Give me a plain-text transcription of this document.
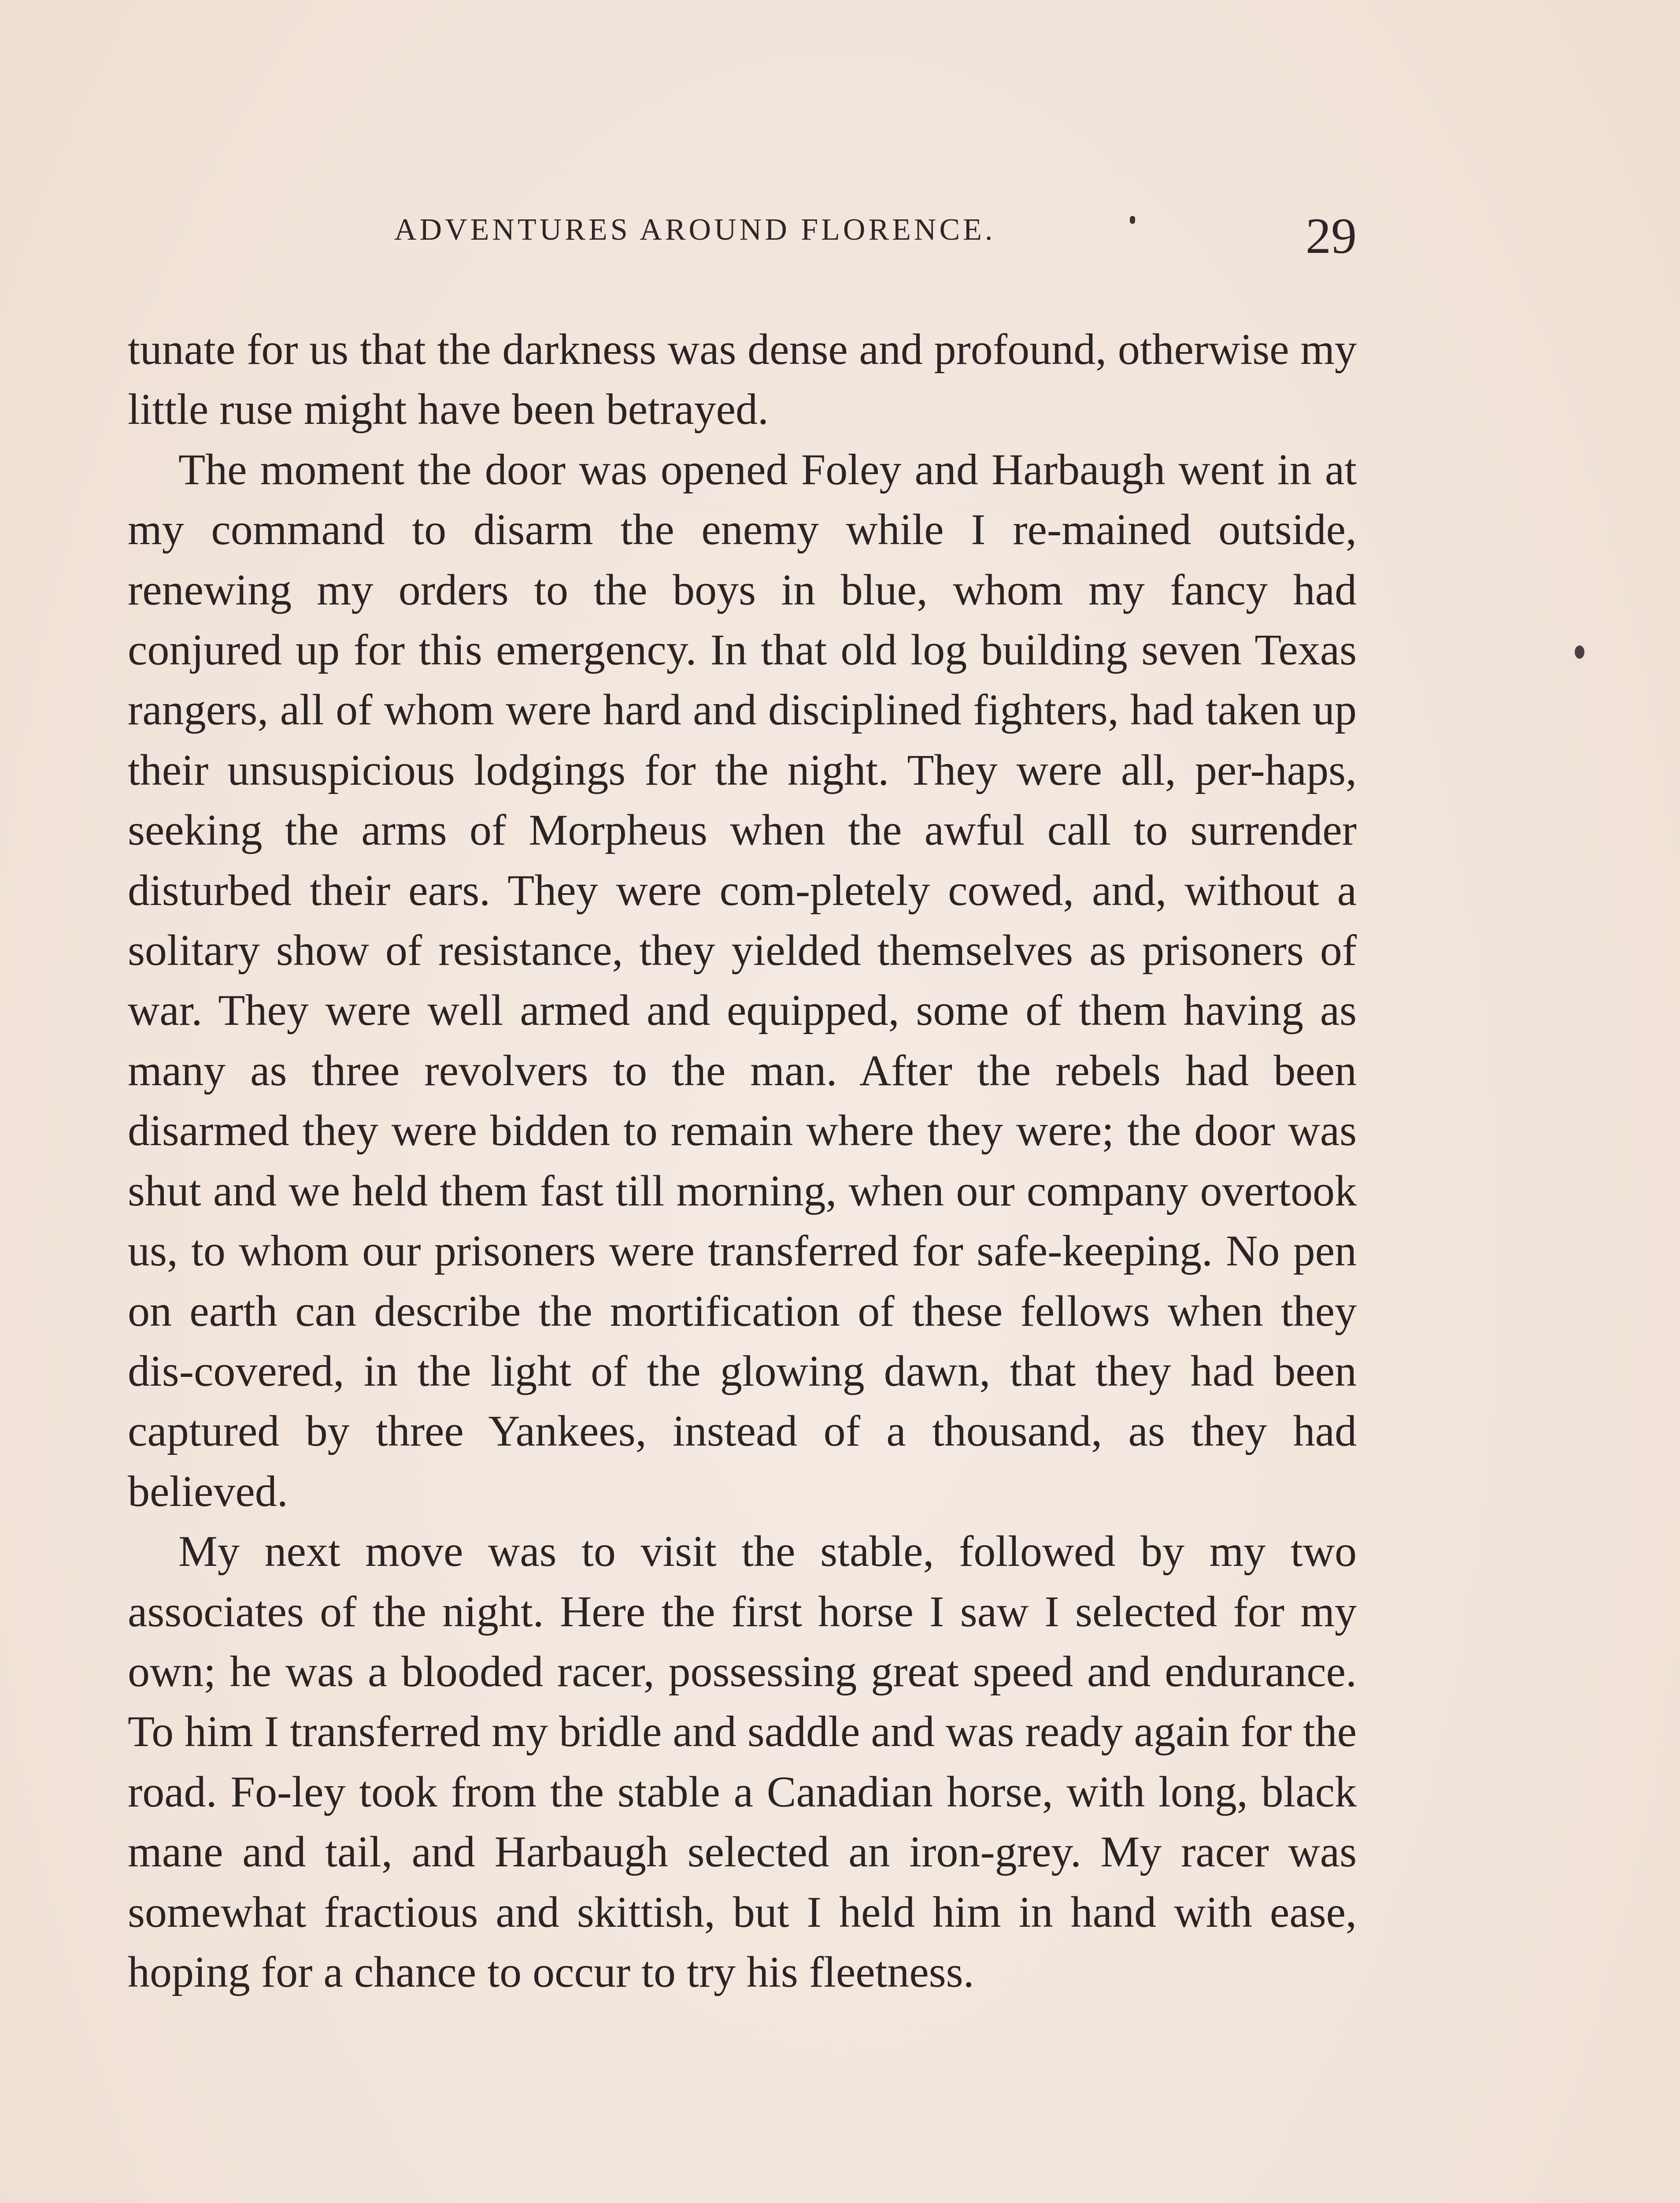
ADVENTURES AROUND FLORENCE.	29

tunate for us that the darkness was dense and profound, otherwise my little ruse might have been betrayed.

The moment the door was opened Foley and Harbaugh went in at my command to disarm the enemy while I re-mained outside, renewing my orders to the boys in blue, whom my fancy had conjured up for this emergency. In that old log building seven Texas rangers, all of whom were hard and disciplined fighters, had taken up their unsuspicious lodgings for the night. They were all, per-haps, seeking the arms of Morpheus when the awful call to surrender disturbed their ears. They were com-pletely cowed, and, without a solitary show of resistance, they yielded themselves as prisoners of war. They were well armed and equipped, some of them having as many as three revolvers to the man. After the rebels had been disarmed they were bidden to remain where they were; the door was shut and we held them fast till morning, when our company overtook us, to whom our prisoners were transferred for safe-keeping. No pen on earth can describe the mortification of these fellows when they dis-covered, in the light of the glowing dawn, that they had been captured by three Yankees, instead of a thousand, as they had believed.

My next move was to visit the stable, followed by my two associates of the night. Here the first horse I saw I selected for my own; he was a blooded racer, possessing great speed and endurance. To him I transferred my bridle and saddle and was ready again for the road. Fo-ley took from the stable a Canadian horse, with long, black mane and tail, and Harbaugh selected an iron-grey. My racer was somewhat fractious and skittish, but I held him in hand with ease, hoping for a chance to occur to try his fleetness.
